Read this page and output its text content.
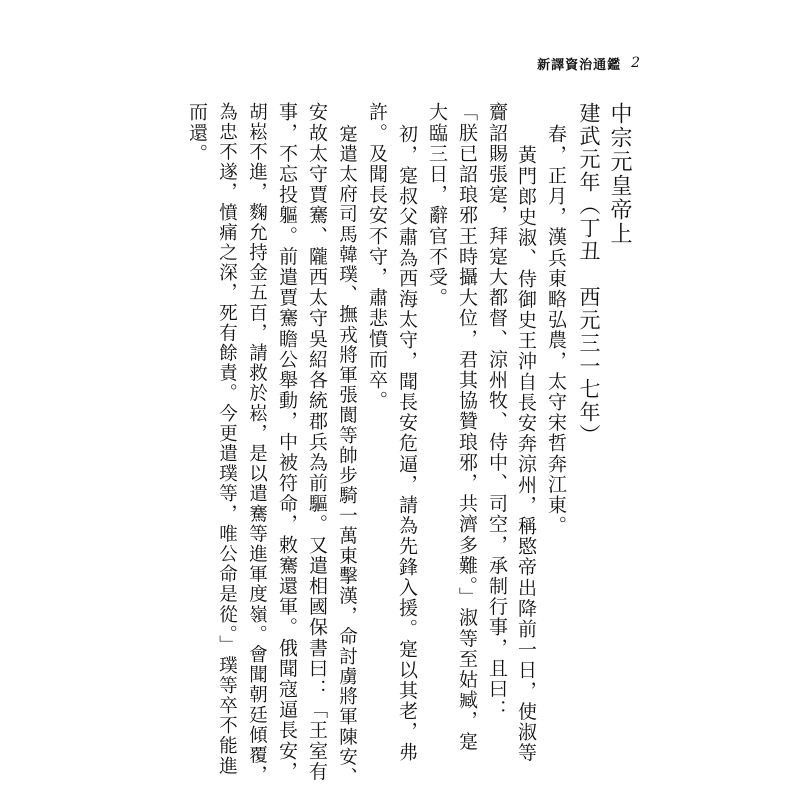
新譯資治通鑑 2
中宗元皇帝上
建武元年（丁丑　西元三一七年）
春，正月，漢兵東略弘農，太守宋哲奔江東。
黃門郎史淑、侍御史王沖自長安奔涼州，稱愍帝出降前一日，使淑等
齎詔賜張寔，拜寔大都督、涼州牧、侍中、司空，承制行事，且曰：
「朕已詔琅邪王時攝大位，君其協贊琅邪，共濟多難。」淑等至姑臧，寔
大臨三日，辭官不受。
初，寔叔父肅為西海太守，聞長安危逼，請為先鋒入援。寔以其老，弗
許。及聞長安不守，肅悲憤而卒。
寔遣太府司馬韓璞、撫戎將軍張閬等帥步騎一萬東擊漢，命討虜將軍陳安、
安故太守賈騫、隴西太守吳紹各統郡兵為前驅。又遣相國保書曰：「王室有
事，不忘投軀。前遣賈騫瞻公舉動，中被符命，敕騫還軍。俄聞寇逼長安，
胡崧不進，麴允持金五百，請救於崧，是以遣騫等進軍度嶺。會聞朝廷傾覆，
為忠不遂，憤痛之深，死有餘責。今更遣璞等，唯公命是從。」璞等卒不能進
而還。
